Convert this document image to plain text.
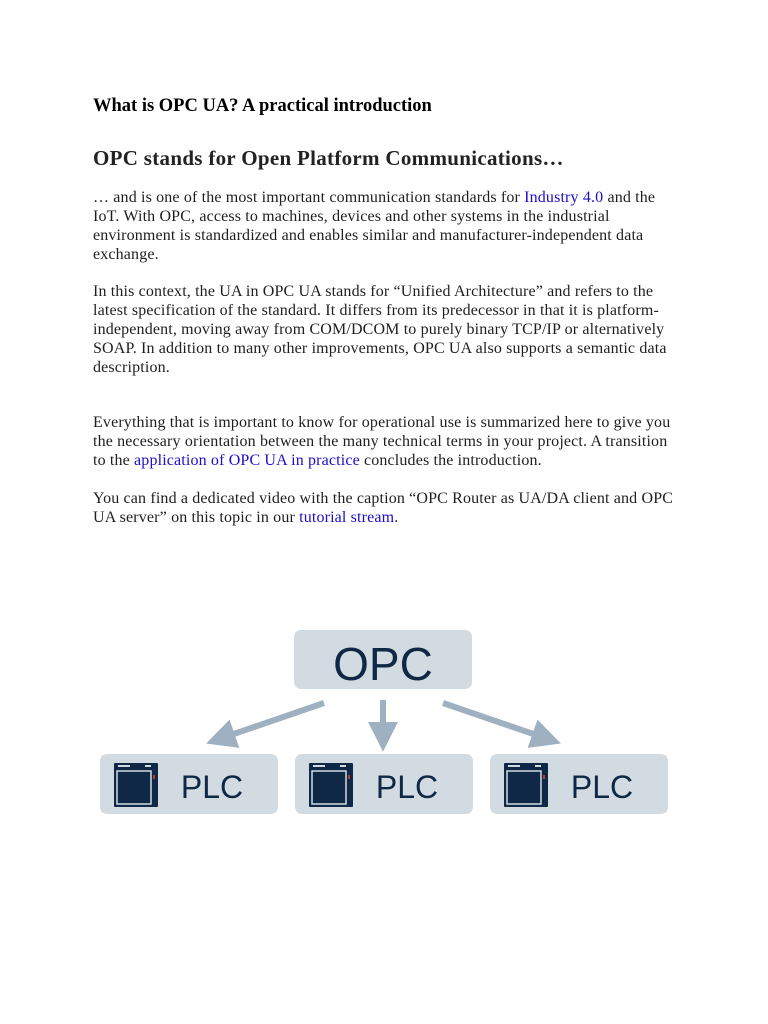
What is OPC UA? A practical introduction
OPC stands for Open Platform Communications…

… and is one of the most important communication standards for Industry 4.0 and the IoT. With OPC, access to machines, devices and other systems in the industrial environment is standardized and enables similar and manufacturer-independent data exchange.

In this context, the UA in OPC UA stands for “Unified Architecture” and refers to the latest specification of the standard. It differs from its predecessor in that it is platform-independent, moving away from COM/DCOM to purely binary TCP/IP or alternatively SOAP. In addition to many other improvements, OPC UA also supports a semantic data description.

Everything that is important to know for operational use is summarized here to give you the necessary orientation between the many technical terms in your project. A transition to the application of OPC UA in practice concludes the introduction.

You can find a dedicated video with the caption “OPC Router as UA/DA client and OPC UA server” on this topic in our tutorial stream.

OPC
PLC	PLC	PLC
